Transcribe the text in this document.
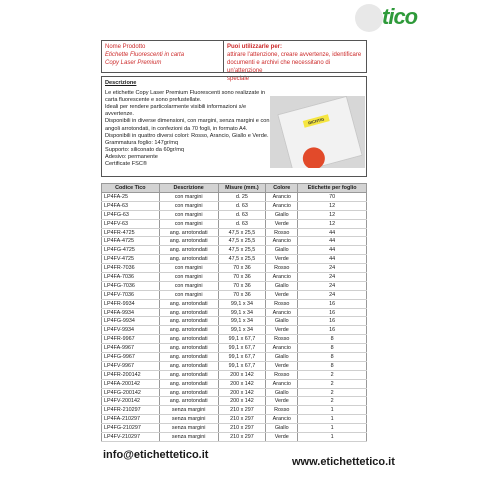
tico
Nome Prodotto
Etichette Fluorescenti in carta
Copy Laser Premium
Puoi utilizzarle per:
attirare l'attenzione, creare avvertenze, identificare
documenti e archivi che necessitano di un'attenzione
speciale
Descrizione
Le etichette Copy Laser Premium Fluorescenti sono realizzate in
carta fluorescente e sono prefustellate.
Ideali per rendere particolarmente visibili informazioni s/e
avvertenze.
Disponibili in diverse dimensioni, con margini, senza margini e con
angoli arrotondati, in confezioni da 70 fogli, in formato A4.
Disponibili in quattro diversi colori: Rosso, Arancio, Giallo e Verde.
Grammatura foglio: 147gr/mq
Supporto: siliconato da 60gr/mq
Adesivo: permanente
Certificate FSC®
RICHTIG
Codice Tico	Descrizione	Misure (mm.)	Colore	Etichette per foglio
LP4FA-25	con margini	d. 25	Arancio	70
LP4FA-63	con margini	d. 63	Arancio	12
LP4FG-63	con margini	d. 63	Giallo	12
LP4FV-63	con margini	d. 63	Verde	12
LP4FR-4725	ang. arrotondati	47,5 x 25,5	Rosso	44
LP4FA-4725	ang. arrotondati	47,5 x 25,5	Arancio	44
LP4FG-4725	ang. arrotondati	47,5 x 25,5	Giallo	44
LP4FV-4725	ang. arrotondati	47,5 x 25,5	Verde	44
LP4FR-7036	con margini	70 x 36	Rosso	24
LP4FA-7036	con margini	70 x 36	Arancio	24
LP4FG-7036	con margini	70 x 36	Giallo	24
LP4FV-7036	con margini	70 x 36	Verde	24
LP4FR-9934	ang. arrotondati	99,1 x 34	Rosso	16
LP4FA-9934	ang. arrotondati	99,1 x 34	Arancio	16
LP4FG-9934	ang. arrotondati	99,1 x 34	Giallo	16
LP4FV-9934	ang. arrotondati	99,1 x 34	Verde	16
LP4FR-9967	ang. arrotondati	99,1 x 67,7	Rosso	8
LP4FA-9967	ang. arrotondati	99,1 x 67,7	Arancio	8
LP4FG-9967	ang. arrotondati	99,1 x 67,7	Giallo	8
LP4FV-9967	ang. arrotondati	99,1 x 67,7	Verde	8
LP4FR-200142	ang. arrotondati	200 x 142	Rosso	2
LP4FA-200142	ang. arrotondati	200 x 142	Arancio	2
LP4FG-200142	ang. arrotondati	200 x 142	Giallo	2
LP4FV-200142	ang. arrotondati	200 x 142	Verde	2
LP4FR-210297	senza margini	210 x 297	Rosso	1
LP4FA-210297	senza margini	210 x 297	Arancio	1
LP4FG-210297	senza margini	210 x 297	Giallo	1
LP4FV-210297	senza margini	210 x 297	Verde	1
info@etichettetico.it
www.etichettetico.it
